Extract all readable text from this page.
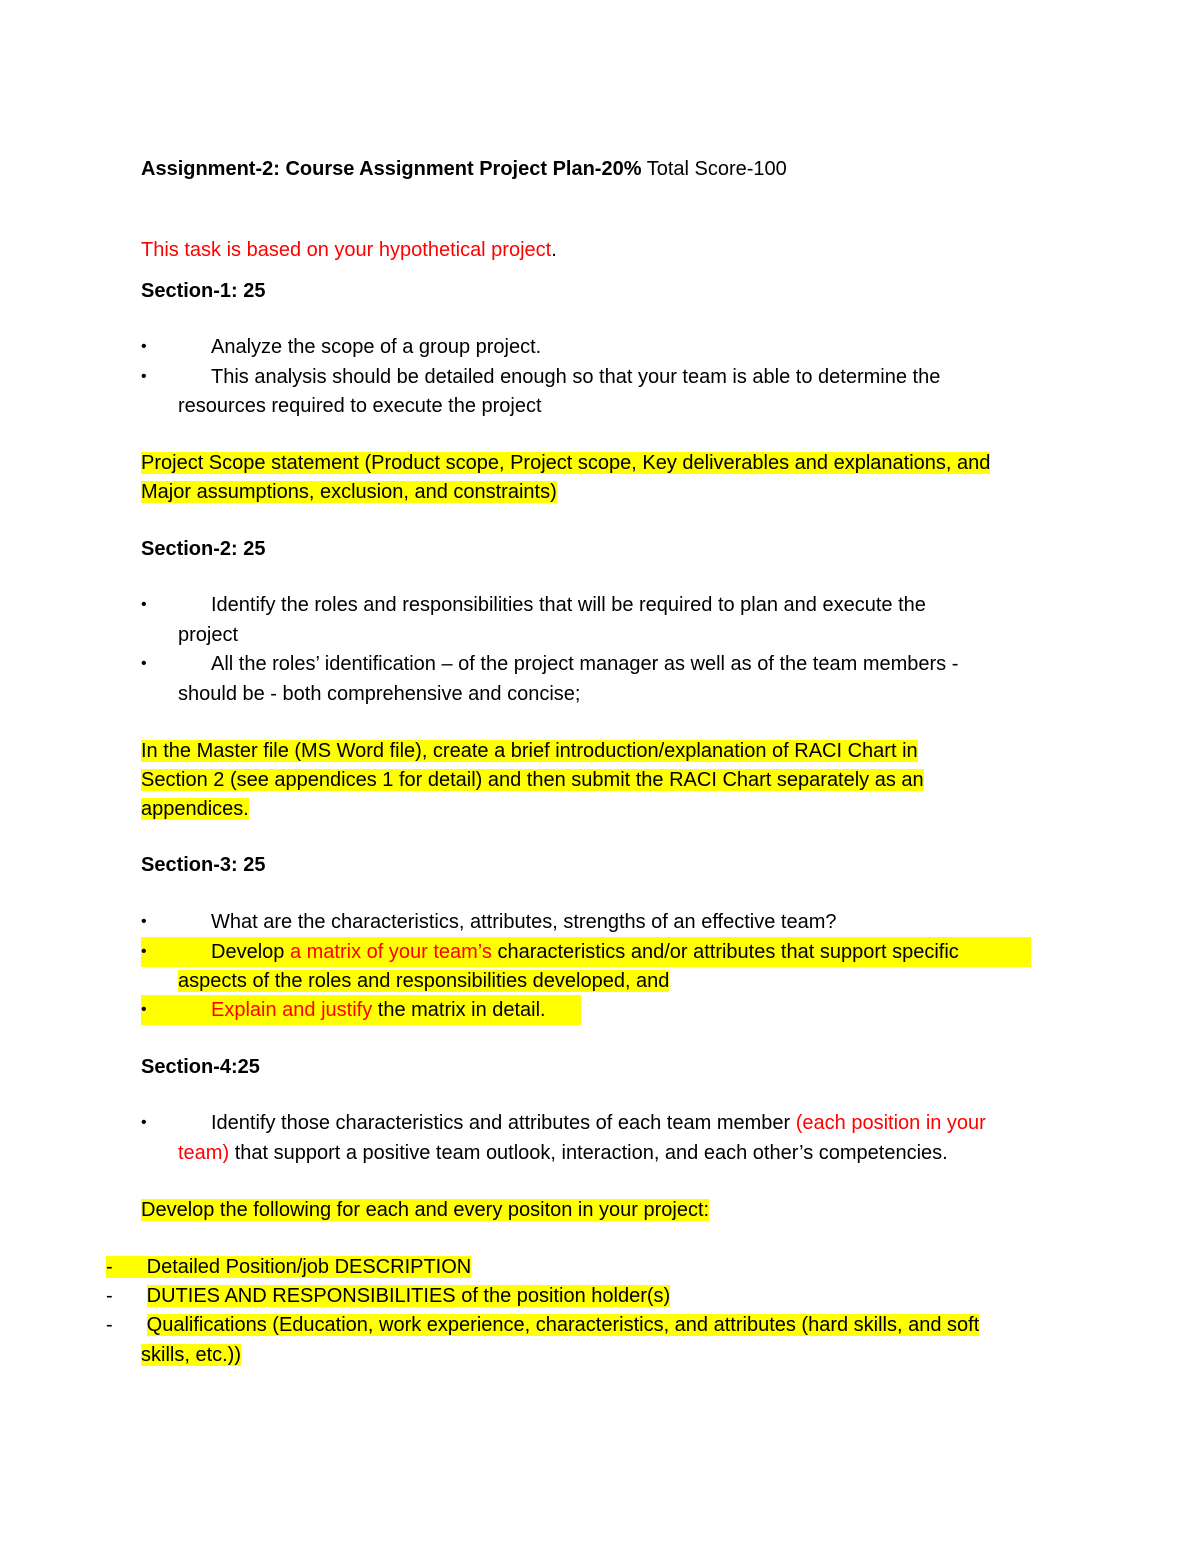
Assignment-2: Course Assignment Project Plan-20% Total Score-100
This task is based on your hypothetical project.
Section-1: 25
•	Analyze the scope of a group project.
•	This analysis should be detailed enough so that your team is able to determine the
resources required to execute the project
Project Scope statement (Product scope, Project scope, Key deliverables and explanations, and
Major assumptions, exclusion, and constraints)
Section-2: 25
•	Identify the roles and responsibilities that will be required to plan and execute the
project
•	All the roles’ identification – of the project manager as well as of the team members -
should be - both comprehensive and concise;
In the Master file (MS Word file), create a brief introduction/explanation of RACI Chart in
Section 2 (see appendices 1 for detail) and then submit the RACI Chart separately as an
appendices.
Section-3: 25
•	What are the characteristics, attributes, strengths of an effective team?
•	Develop a matrix of your team’s characteristics and/or attributes that support specific
aspects of the roles and responsibilities developed, and
•	Explain and justify the matrix in detail.
Section-4:25
•	Identify those characteristics and attributes of each team member (each position in your
team) that support a positive team outlook, interaction, and each other’s competencies.
Develop the following for each and every positon in your project:
- Detailed Position/job DESCRIPTION
- DUTIES AND RESPONSIBILITIES of the position holder(s)
- Qualifications (Education, work experience, characteristics, and attributes (hard skills, and soft
skills, etc.))
